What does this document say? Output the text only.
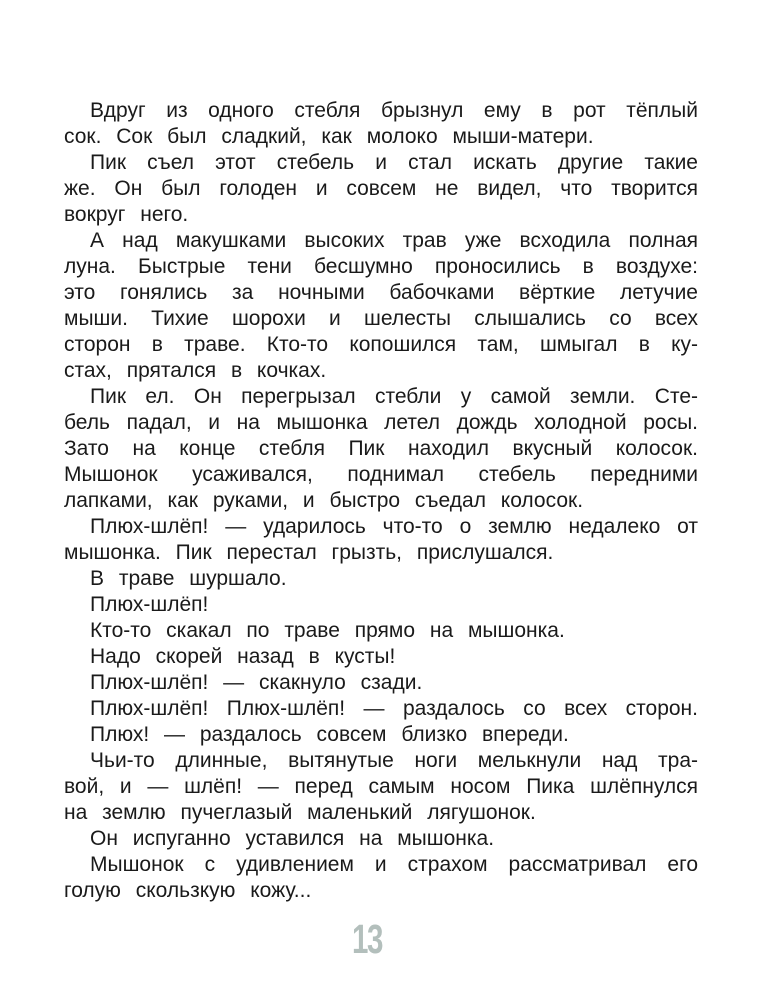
Вдруг из одного стебля брызнул ему в рот тёплый
сок. Сок был сладкий, как молоко мыши-матери.
Пик съел этот стебель и стал искать другие такие
же. Он был голоден и совсем не видел, что творится
вокруг него.
А над макушками высоких трав уже всходила полная
луна. Быстрые тени бесшумно проносились в воздухе:
это гонялись за ночными бабочками вёрткие летучие
мыши. Тихие шорохи и шелесты слышались со всех
сторон в траве. Кто-то копошился там, шмыгал в ку-
стах, прятался в кочках.
Пик ел. Он перегрызал стебли у самой земли. Сте-
бель падал, и на мышонка летел дождь холодной росы.
Зато на конце стебля Пик находил вкусный колосок.
Мышонок усаживался, поднимал стебель передними
лапками, как руками, и быстро съедал колосок.
Плюх-шлёп! — ударилось что-то о землю недалеко от
мышонка. Пик перестал грызть, прислушался.
В траве шуршало.
Плюх-шлёп!
Кто-то скакал по траве прямо на мышонка.
Надо скорей назад в кусты!
Плюх-шлёп! — скакнуло сзади.
Плюх-шлёп! Плюх-шлёп! — раздалось со всех сторон.
Плюх! — раздалось совсем близко впереди.
Чьи-то длинные, вытянутые ноги мелькнули над тра-
вой, и — шлёп! — перед самым носом Пика шлёпнулся
на землю пучеглазый маленький лягушонок.
Он испуганно уставился на мышонка.
Мышонок с удивлением и страхом рассматривал его
голую скользкую кожу...
13
